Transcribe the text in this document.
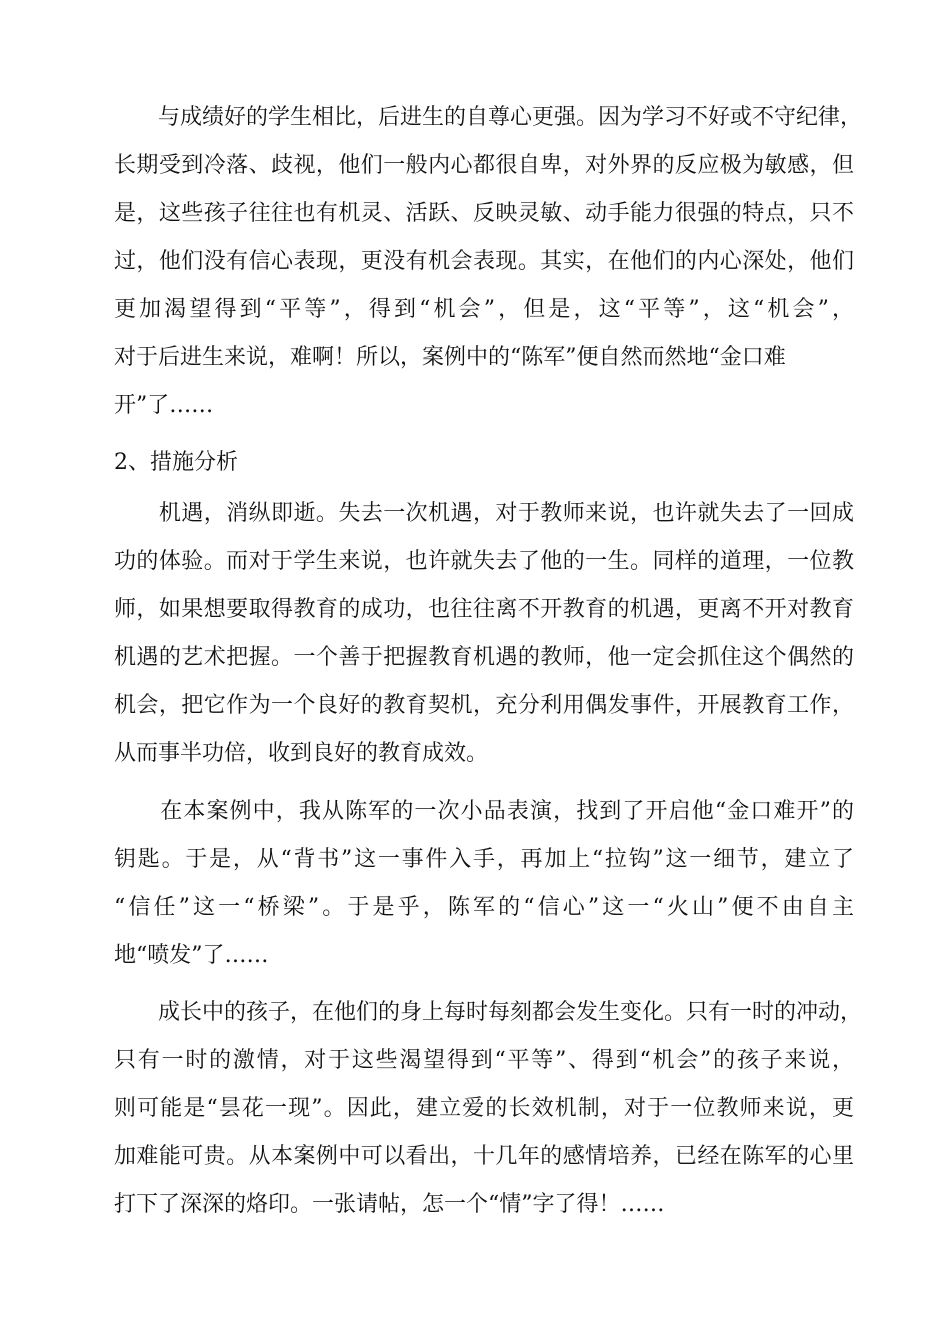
　　与成绩好的学生相比，后进生的自尊心更强。因为学习不好或不守纪律，
长期受到冷落、歧视，他们一般内心都很自卑，对外界的反应极为敏感，但
是，这些孩子往往也有机灵、活跃、反映灵敏、动手能力很强的特点，只不
过，他们没有信心表现，更没有机会表现。其实，在他们的内心深处，他们
更加渴望得到“平等”，得到“机会”，但是，这“平等”，这“机会”，
对于后进生来说，难啊！所以，案例中的“陈军”便自然而然地“金口难
开”了……
2、措施分析
　　机遇，消纵即逝。失去一次机遇，对于教师来说，也许就失去了一回成
功的体验。而对于学生来说，也许就失去了他的一生。同样的道理，一位教
师，如果想要取得教育的成功，也往往离不开教育的机遇，更离不开对教育
机遇的艺术把握。一个善于把握教育机遇的教师，他一定会抓住这个偶然的
机会，把它作为一个良好的教育契机，充分利用偶发事件，开展教育工作，
从而事半功倍，收到良好的教育成效。
　　在本案例中，我从陈军的一次小品表演，找到了开启他“金口难开”的
钥匙。于是，从“背书”这一事件入手，再加上“拉钩”这一细节，建立了
“信任”这一“桥梁”。于是乎，陈军的“信心”这一“火山”便不由自主
地“喷发”了……
　　成长中的孩子，在他们的身上每时每刻都会发生变化。只有一时的冲动，
只有一时的激情，对于这些渴望得到“平等”、得到“机会”的孩子来说，
则可能是“昙花一现”。因此，建立爱的长效机制，对于一位教师来说，更
加难能可贵。从本案例中可以看出，十几年的感情培养，已经在陈军的心里
打下了深深的烙印。一张请帖，怎一个“情”字了得！……
